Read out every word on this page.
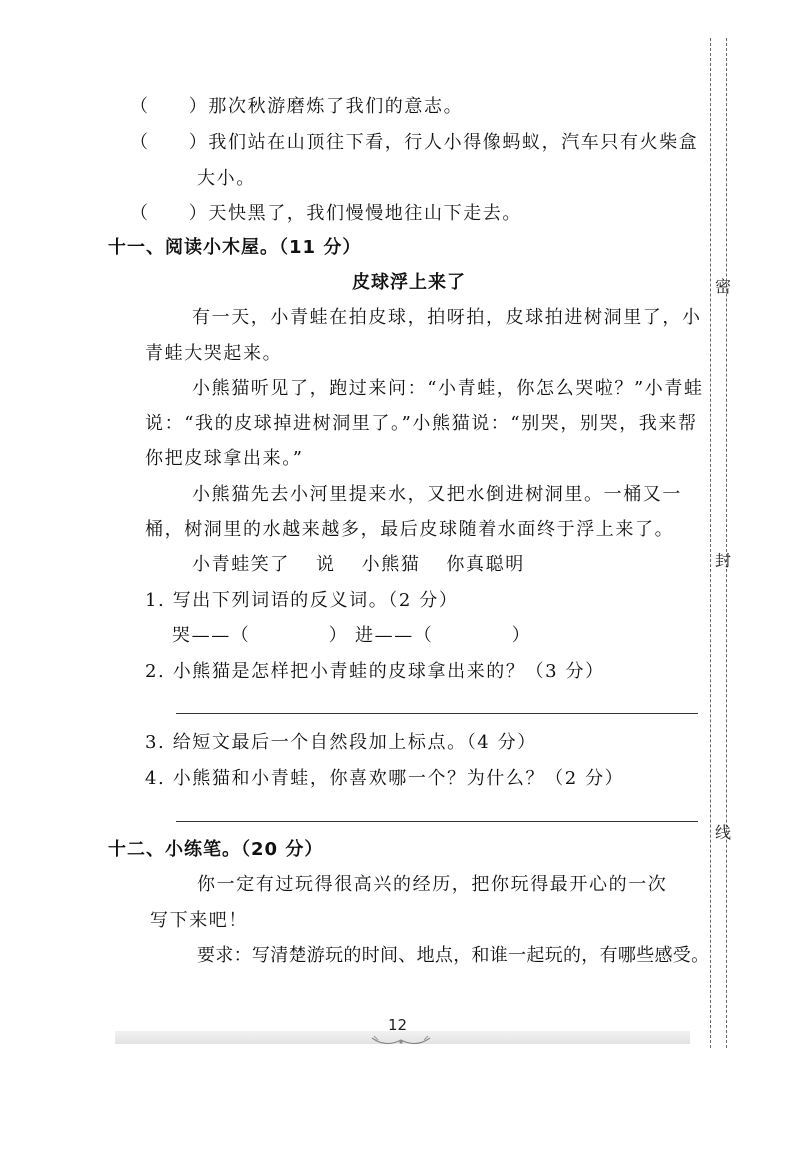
密
封
线
（　　）那次秋游磨炼了我们的意志。
（　　）我们站在山顶往下看，行人小得像蚂蚁，汽车只有火柴盒
大小。
（　　）天快黑了，我们慢慢地往山下走去。
十一、阅读小木屋。（11 分）
皮球浮上来了
有一天，小青蛙在拍皮球，拍呀拍，皮球拍进树洞里了，小
青蛙大哭起来。
小熊猫听见了，跑过来问：“小青蛙，你怎么哭啦？”小青蛙
说：“我的皮球掉进树洞里了。”小熊猫说：“别哭，别哭，我来帮
你把皮球拿出来。”
小熊猫先去小河里提来水，又把水倒进树洞里。一桶又一
桶，树洞里的水越来越多，最后皮球随着水面终于浮上来了。
小青蛙笑了 说 小熊猫 你真聪明
1. 写出下列词语的反义词。（2 分）
哭——（　　　　） 进——（　　　　）
2. 小熊猫是怎样把小青蛙的皮球拿出来的？（3 分）
3. 给短文最后一个自然段加上标点。（4 分）
4. 小熊猫和小青蛙，你喜欢哪一个？为什么？（2 分）
十二、小练笔。（20 分）
你一定有过玩得很高兴的经历，把你玩得最开心的一次
写下来吧！
要求：写清楚游玩的时间、地点，和谁一起玩的，有哪些感受。
12
